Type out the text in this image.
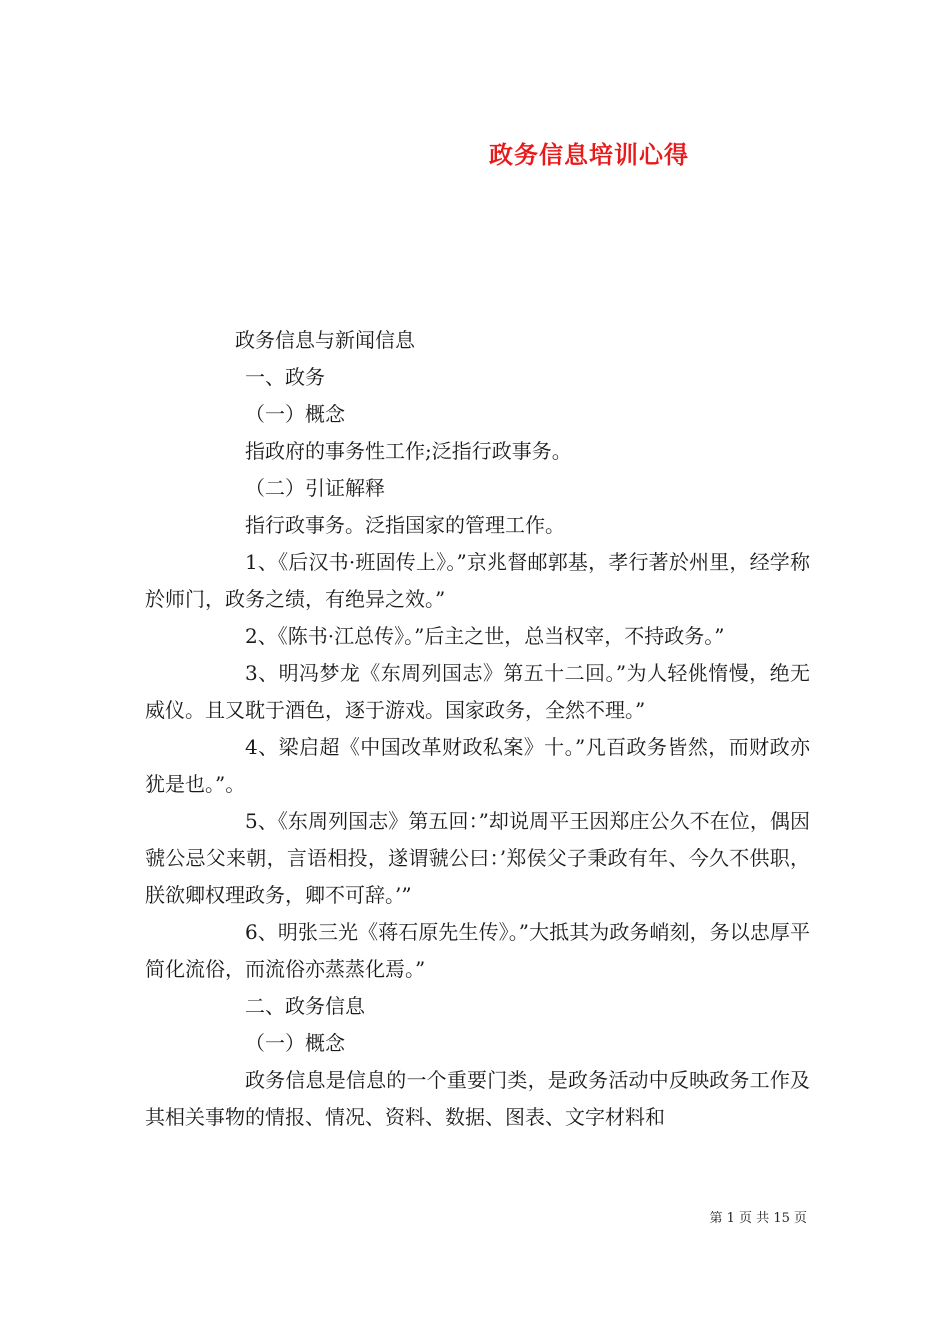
政务信息培训心得

政务信息与新闻信息

一、政务

（一）概念

指政府的事务性工作;泛指行政事务。

（二）引证解释

指行政事务。泛指国家的管理工作。

1、《后汉书·班固传上》。”京兆督邮郭基，孝行著於州里，经学称於师门，政务之绩，有绝异之效。”

2、《陈书·江总传》。”后主之世，总当权宰，不持政务。”

3、明冯梦龙《东周列国志》第五十二回。”为人轻佻惰慢，绝无威仪。且又耽于酒色，逐于游戏。国家政务，全然不理。”

4、梁启超《中国改革财政私案》十。”凡百政务皆然，而财政亦犹是也。”。

5、《东周列国志》第五回：”却说周平王因郑庄公久不在位，偶因虢公忌父来朝，言语相投，遂谓虢公曰：’郑侯父子秉政有年、今久不供职，朕欲卿权理政务，卿不可辞。’”

6、明张三光《蒋石原先生传》。”大抵其为政务峭刻，务以忠厚平简化流俗，而流俗亦蒸蒸化焉。”

二、政务信息

（一）概念

政务信息是信息的一个重要门类，是政务活动中反映政务工作及其相关事物的情报、情况、资料、数据、图表、文字材料和

第 1 页 共 15 页
